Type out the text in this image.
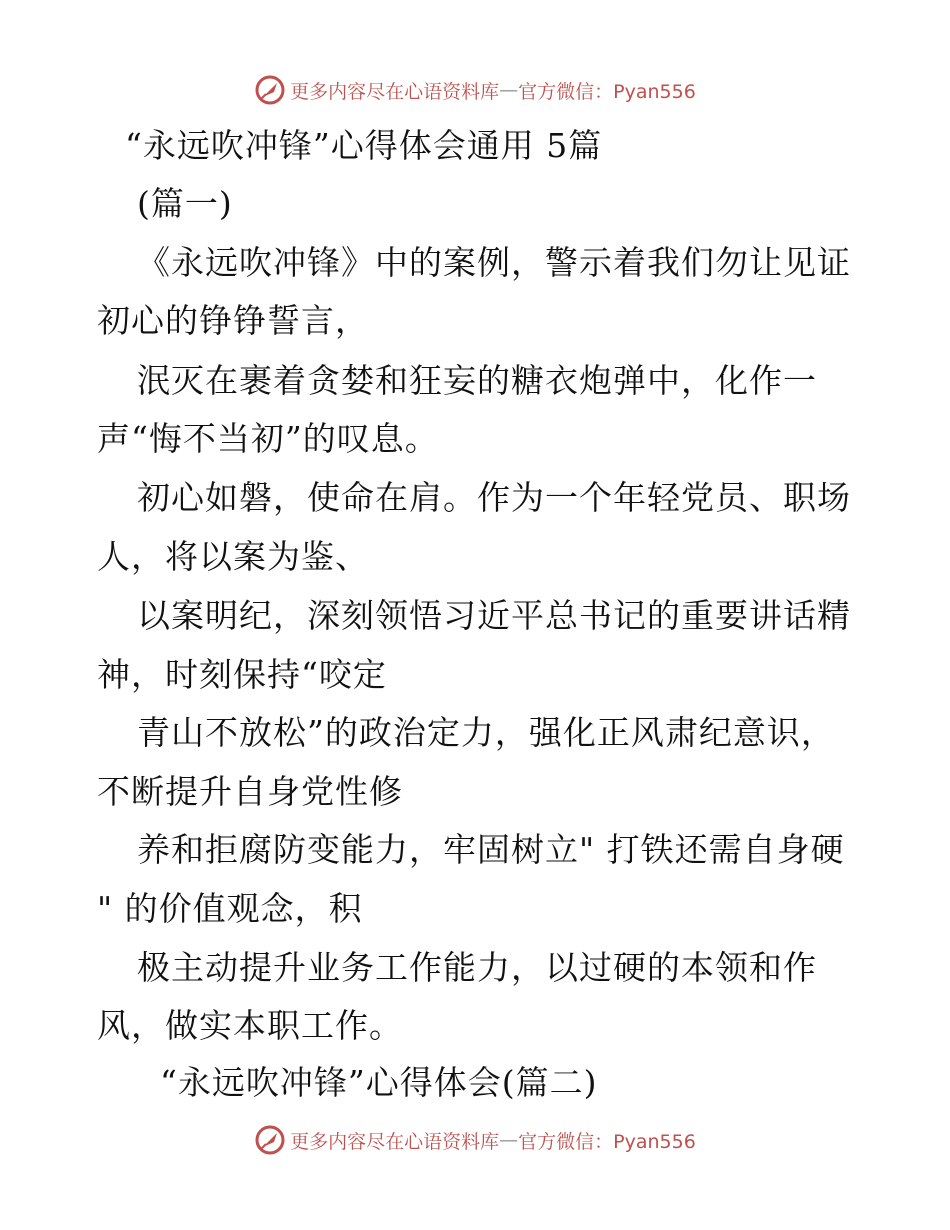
更多内容尽在心语资料库 — 官方微信：Pyan556
“永远吹冲锋”心得体会通用 5篇
(篇一)
《永远吹冲锋》中的案例，警示着我们勿让见证
初心的铮铮誓言，
泯灭在裹着贪婪和狂妄的糖衣炮弹中，化作一
声“悔不当初”的叹息。
初心如磐，使命在肩。作为一个年轻党员、职场
人，将以案为鉴、
以案明纪，深刻领悟习近平总书记的重要讲话精
神，时刻保持“咬定
青山不放松”的政治定力，强化正风肃纪意识，
不断提升自身党性修
养和拒腐防变能力，牢固树立" 打铁还需自身硬
" 的价值观念，积
极主动提升业务工作能力，以过硬的本领和作
风，做实本职工作。
“永远吹冲锋”心得体会(篇二)
更多内容尽在心语资料库 — 官方微信：Pyan556
